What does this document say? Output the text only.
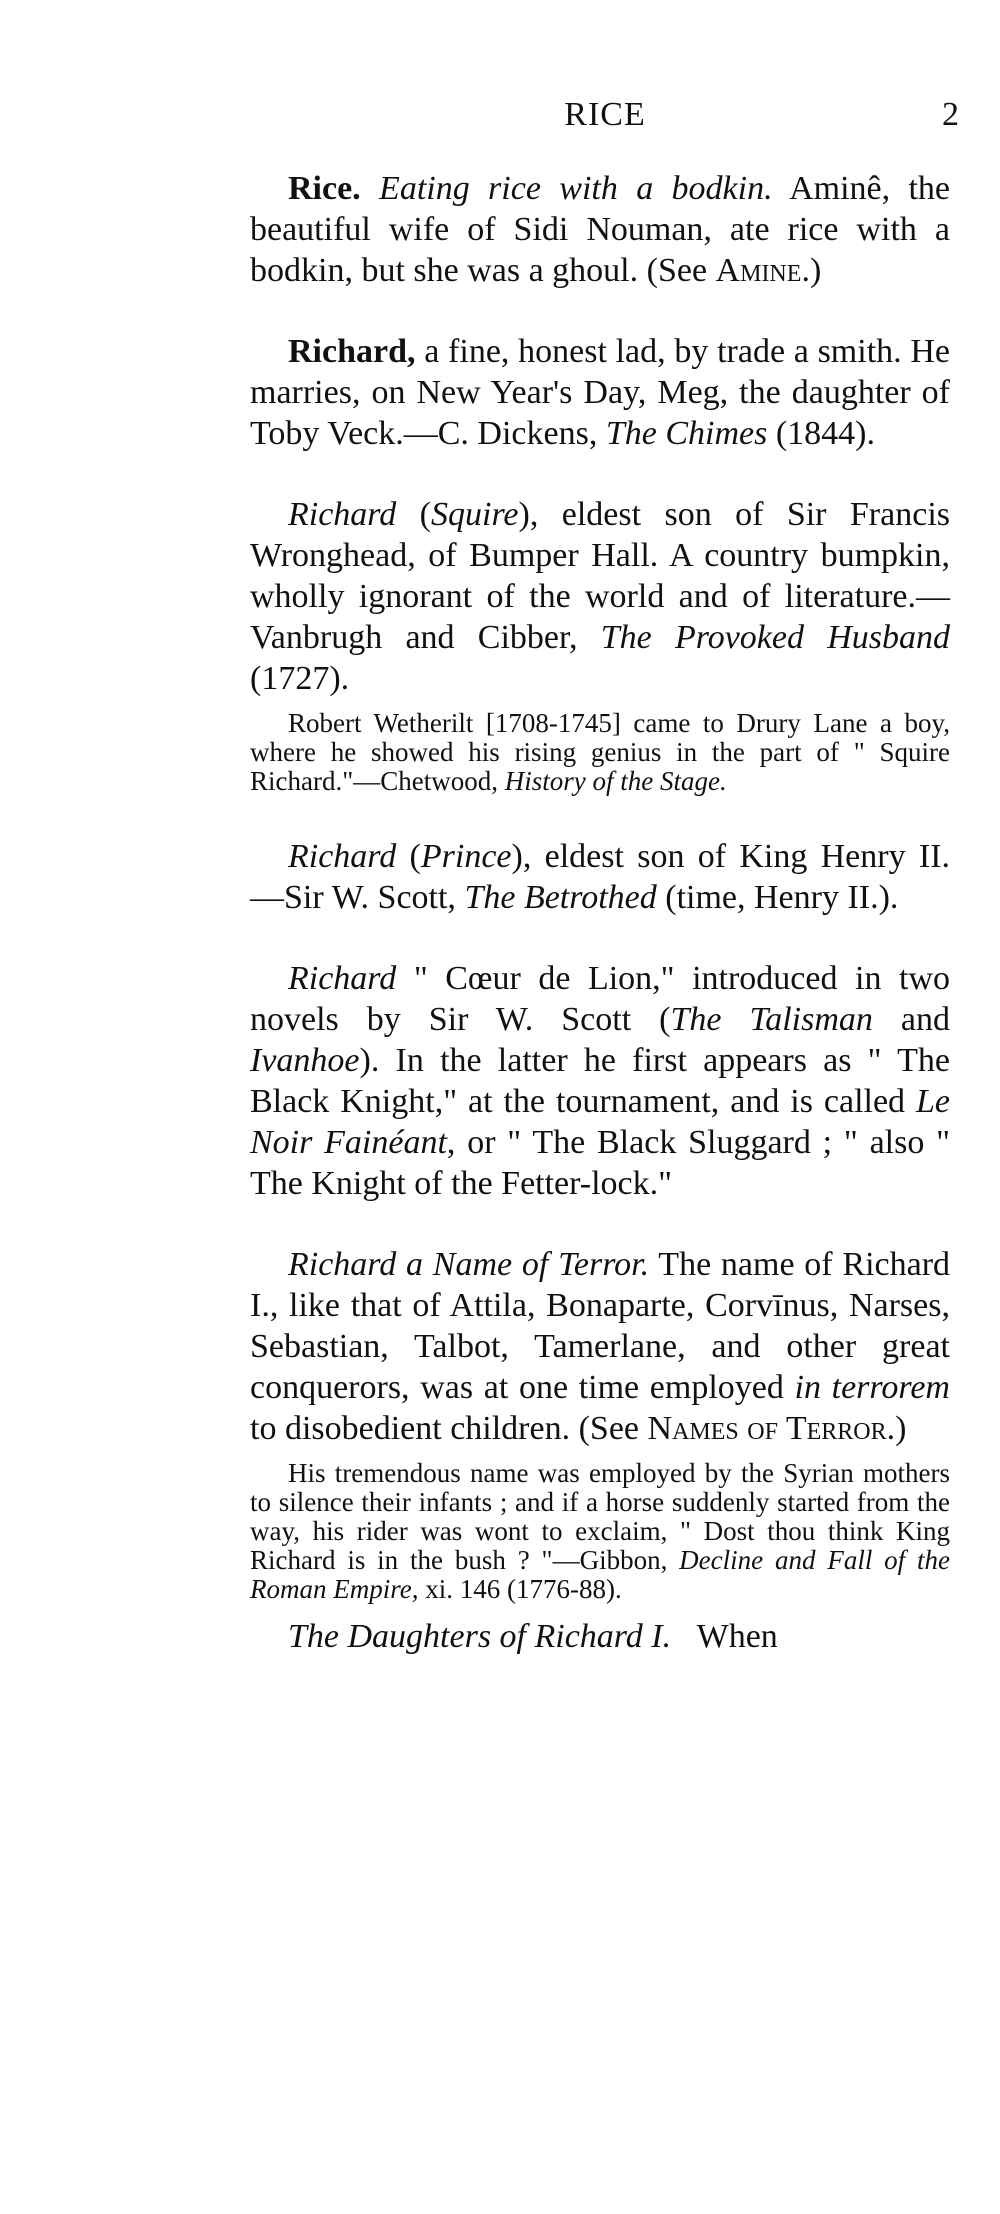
RICE	2

Rice. Eating rice with a bodkin. Aminê, the beautiful wife of Sidi Nouman, ate rice with a bodkin, but she was a ghoul. (See Amine.)

Richard, a fine, honest lad, by trade a smith. He marries, on New Year's Day, Meg, the daughter of Toby Veck.—C. Dickens, The Chimes (1844).

Richard (Squire), eldest son of Sir Francis Wronghead, of Bumper Hall. A country bumpkin, wholly ignorant of the world and of literature.—Vanbrugh and Cibber, The Provoked Husband (1727).

Robert Wetherilt [1708-1745] came to Drury Lane a boy, where he showed his rising genius in the part of " Squire Richard."—Chetwood, History of the Stage.

Richard (Prince), eldest son of King Henry II.—Sir W. Scott, The Betrothed (time, Henry II.).

Richard " Cœur de Lion," introduced in two novels by Sir W. Scott (The Talisman and Ivanhoe). In the latter he first appears as " The Black Knight," at the tournament, and is called Le Noir Fainéant, or " The Black Sluggard ; " also " The Knight of the Fetter-lock."

Richard a Name of Terror. The name of Richard I., like that of Attila, Bonaparte, Corvīnus, Narses, Sebastian, Talbot, Tamerlane, and other great conquerors, was at one time employed in terrorem to disobedient children. (See Names of Terror.)

His tremendous name was employed by the Syrian mothers to silence their infants ; and if a horse suddenly started from the way, his rider was wont to exclaim, " Dost thou think King Richard is in the bush ? "—Gibbon, Decline and Fall of the Roman Empire, xi. 146 (1776-88).

The Daughters of Richard I. When
